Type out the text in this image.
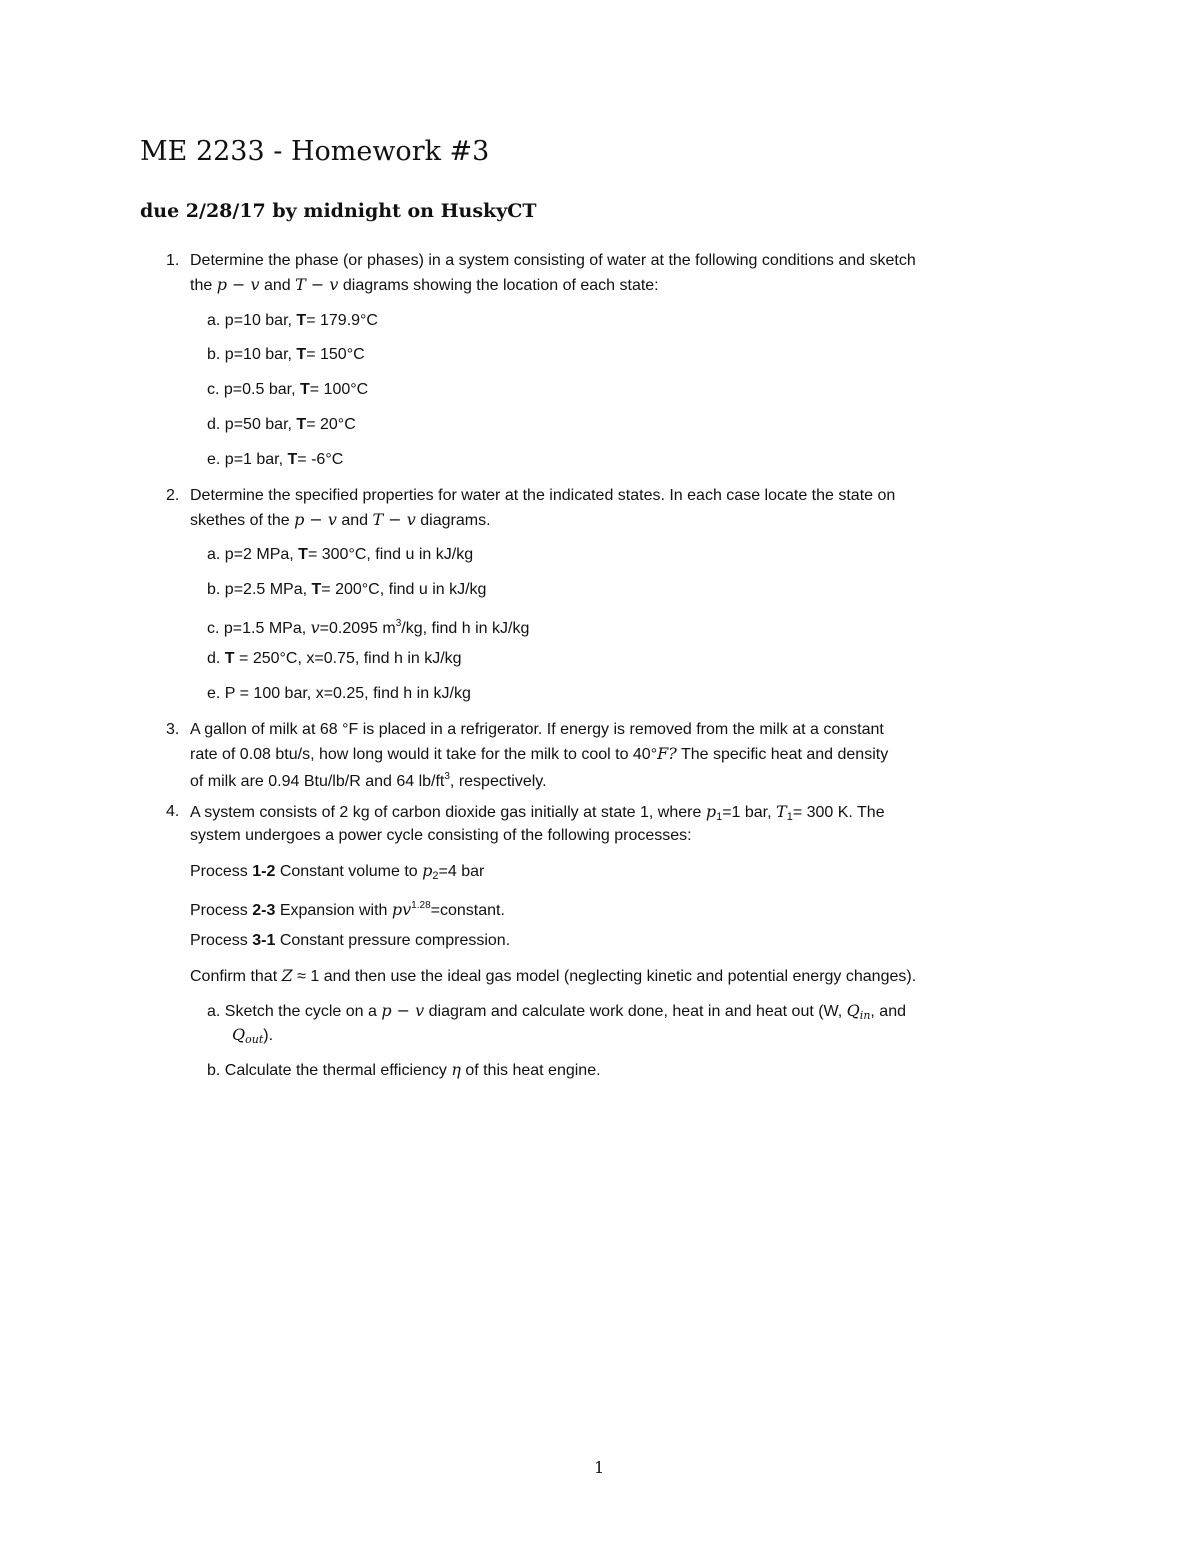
ME 2233 - Homework #3
due 2/28/17 by midnight on HuskyCT
1. Determine the phase (or phases) in a system consisting of water at the following conditions and sketch
the p − v and T − v diagrams showing the location of each state:
a. p=10 bar, T= 179.9°C
b. p=10 bar, T= 150°C
c. p=0.5 bar, T= 100°C
d. p=50 bar, T= 20°C
e. p=1 bar, T= -6°C
2. Determine the specified properties for water at the indicated states. In each case locate the state on
skethes of the p − v and T − v diagrams.
a. p=2 MPa, T= 300°C, find u in kJ/kg
b. p=2.5 MPa, T= 200°C, find u in kJ/kg
c. p=1.5 MPa, v=0.2095 $m^3/kg$, find h in kJ/kg
d. T = 250°C, x=0.75, find h in kJ/kg
e. P = 100 bar, x=0.25, find h in kJ/kg
3. A gallon of milk at 68 °F is placed in a refrigerator. If energy is removed from the milk at a constant
rate of 0.08 btu/s, how long would it take for the milk to cool to 40°F? The specific heat and density
of milk are 0.94 Btu/lb/R and 64 $lb/ft^3$, respectively.
4. A system consists of 2 kg of carbon dioxide gas initially at state 1, where $p_1=1$ bar, $T_1= 300$ K. The
system undergoes a power cycle consisting of the following processes:
Process 1-2 Constant volume to $p_2=4$ bar
Process 2-3 Expansion with $pv^{1.28}=constant$.
Process 3-1 Constant pressure compression.
Confirm that Z ≈ 1 and then use the ideal gas model (neglecting kinetic and potential energy changes).
a. Sketch the cycle on a p − v diagram and calculate work done, heat in and heat out (W, $Q_{in}$, and
$Q_{out}$).
b. Calculate the thermal efficiency η of this heat engine.
1
